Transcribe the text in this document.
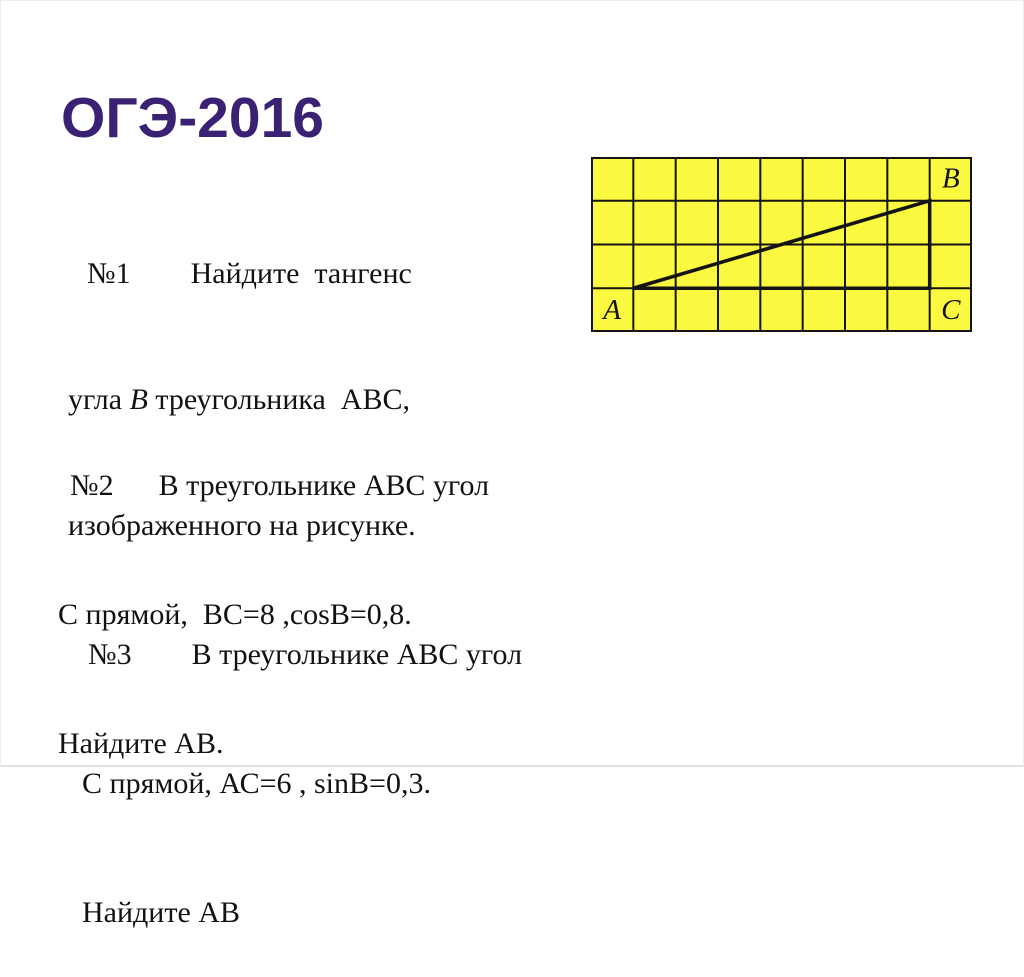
ОГЭ-2016

№1        Найдите  тангенс

угла B треугольника  АВС,

изображенного на рисунке.

№2      В треугольнике АВС угол

С прямой,  ВС=8 ,cosB=0,8.

Найдите АВ.

№3        В треугольнике АВС угол

С прямой, АС=6 , sinB=0,3.

Найдите АВ

A
B
C
